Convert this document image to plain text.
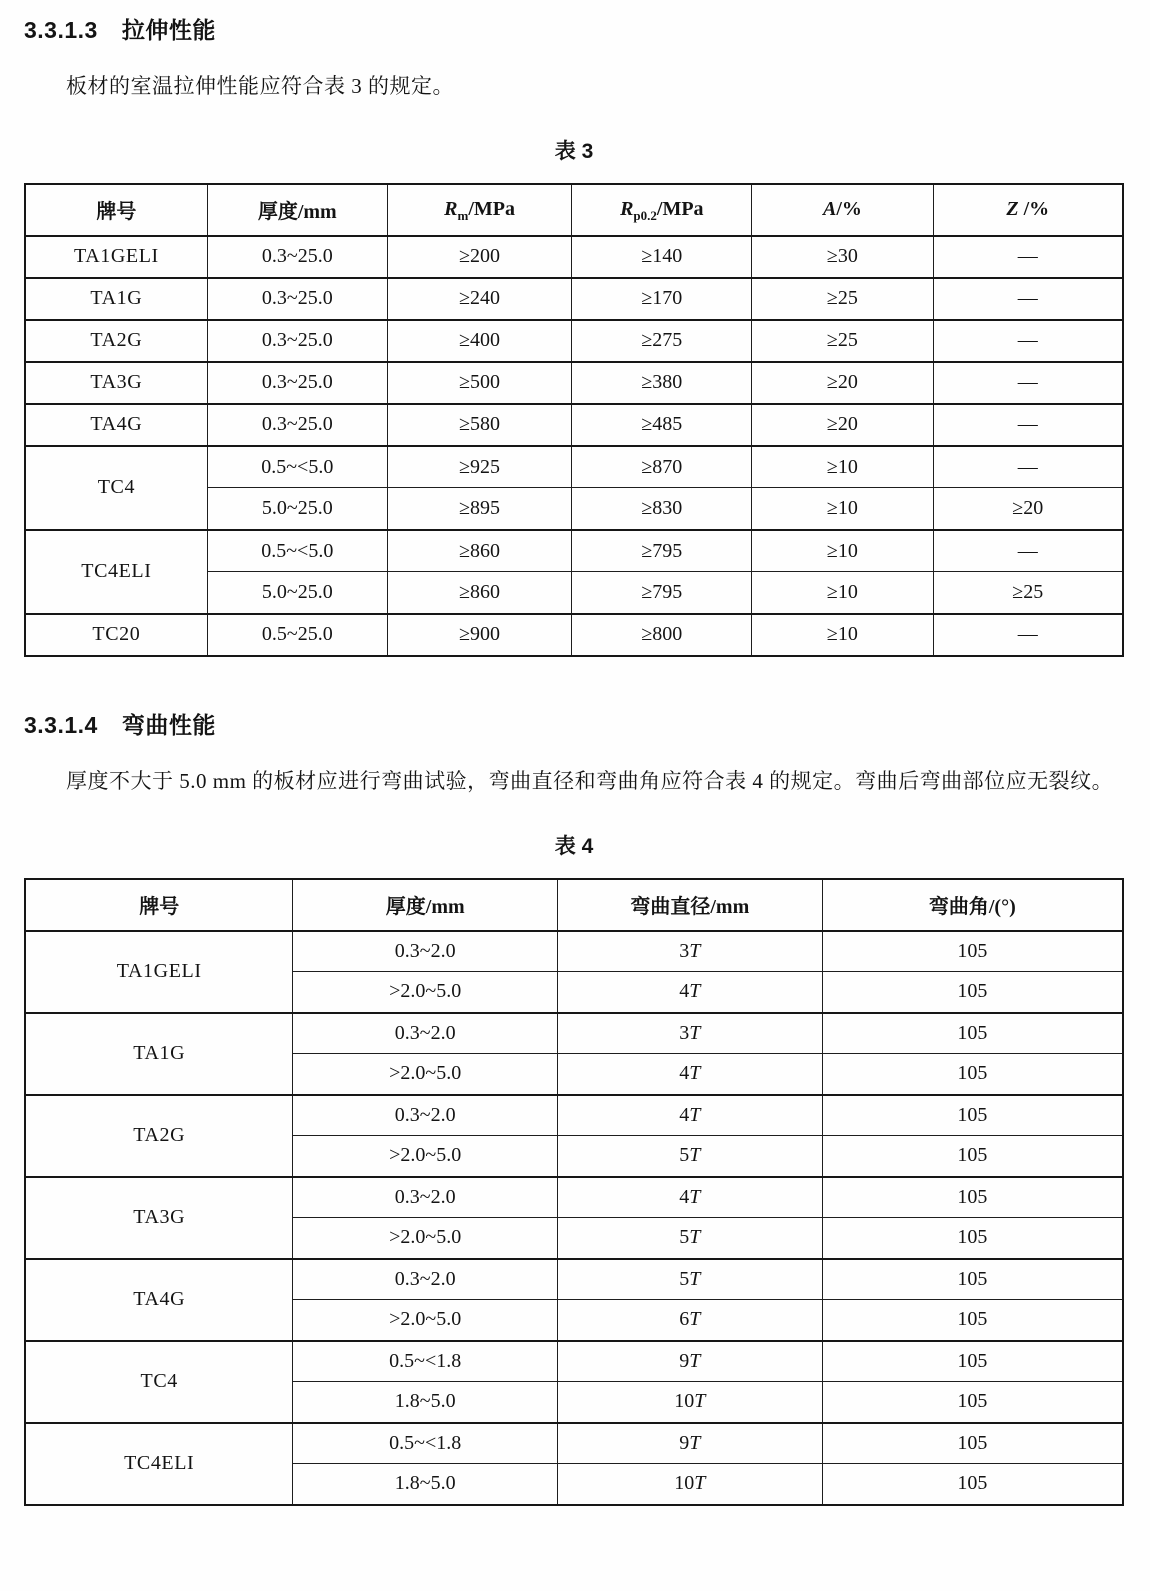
3.3.1.3 拉伸性能

板材的室温拉伸性能应符合表 3 的规定。

表 3
牌号	厚度/mm	$R_m$/MPa	$R_{p0.2}$/MPa	A/%	Z /%
TA1GELI	0.3~25.0	≥200	≥140	≥30	—
TA1G	0.3~25.0	≥240	≥170	≥25	—
TA2G	0.3~25.0	≥400	≥275	≥25	—
TA3G	0.3~25.0	≥500	≥380	≥20	—
TA4G	0.3~25.0	≥580	≥485	≥20	—
TC4	0.5~<5.0	≥925	≥870	≥10	—
	5.0~25.0	≥895	≥830	≥10	≥20
TC4ELI	0.5~<5.0	≥860	≥795	≥10	—
	5.0~25.0	≥860	≥795	≥10	≥25
TC20	0.5~25.0	≥900	≥800	≥10	—
3.3.1.4 弯曲性能

厚度不大于 5.0 mm 的板材应进行弯曲试验，弯曲直径和弯曲角应符合表 4 的规定。弯曲后弯曲部位应无裂纹。

表 4
牌号	厚度/mm	弯曲直径/mm	弯曲角/(°)
TA1GELI	0.3~2.0	3T	105
	>2.0~5.0	4T	105
TA1G	0.3~2.0	3T	105
	>2.0~5.0	4T	105
TA2G	0.3~2.0	4T	105
	>2.0~5.0	5T	105
TA3G	0.3~2.0	4T	105
	>2.0~5.0	5T	105
TA4G	0.3~2.0	5T	105
	>2.0~5.0	6T	105
TC4	0.5~<1.8	9T	105
	1.8~5.0	10T	105
TC4ELI	0.5~<1.8	9T	105
	1.8~5.0	10T	105
